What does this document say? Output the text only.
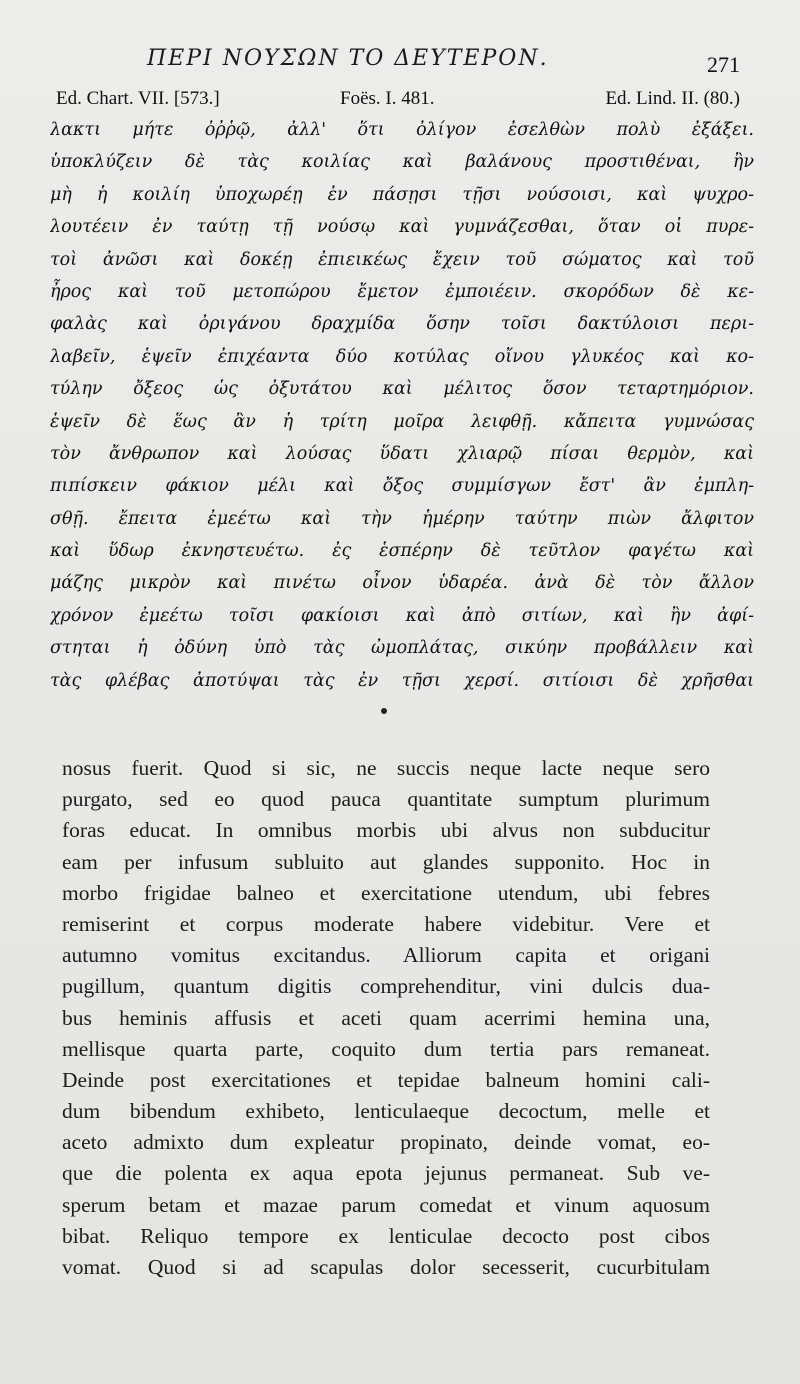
ΠΕΡΙ ΝΟΥΣΩΝ ΤΟ ΔΕΥΤΕΡΟΝ.	271
Ed. Chart. VII. [573.]	Foës. I. 481.	Ed. Lind. II. (80.)
λακτι μήτε ὀῤῥῷ, ἀλλ' ὅτι ὀλίγον ἐσελθὼν πολὺ ἐξάξει.
ὑποκλύζειν δὲ τὰς κοιλίας καὶ βαλάνους προστιθέναι, ἢν
μὴ ἡ κοιλίη ὑποχωρέῃ ἐν πάσῃσι τῇσι νούσοισι, καὶ ψυχρο-
λουτέειν ἐν ταύτῃ τῇ νούσῳ καὶ γυμνάζεσθαι, ὅταν οἱ πυρε-
τοὶ ἀνῶσι καὶ δοκέῃ ἐπιεικέως ἔχειν τοῦ σώματος καὶ τοῦ
ἦρος καὶ τοῦ μετοπώρου ἔμετον ἐμποιέειν. σκορόδων δὲ κε-
φαλὰς καὶ ὀριγάνου δραχμίδα ὅσην τοῖσι δακτύλοισι περι-
λαβεῖν, ἑψεῖν ἐπιχέαντα δύο κοτύλας οἴνου γλυκέος καὶ κο-
τύλην ὄξεος ὡς ὀξυτάτου καὶ μέλιτος ὅσον τεταρτημόριον.
ἑψεῖν δὲ ἕως ἂν ἡ τρίτη μοῖρα λειφθῇ. κἄπειτα γυμνώσας
τὸν ἄνθρωπον καὶ λούσας ὕδατι χλιαρῷ πίσαι θερμὸν, καὶ
πιπίσκειν φάκιον μέλι καὶ ὄξος συμμίσγων ἔστ' ἂν ἐμπλη-
σθῇ. ἔπειτα ἐμεέτω καὶ τὴν ἡμέρην ταύτην πιὼν ἄλφιτον
καὶ ὕδωρ ἐκνηστευέτω. ἐς ἑσπέρην δὲ τεῦτλον φαγέτω καὶ
μάζης μικρὸν καὶ πινέτω οἶνον ὑδαρέα. ἀνὰ δὲ τὸν ἄλλον
χρόνον ἐμεέτω τοῖσι φακίοισι καὶ ἀπὸ σιτίων, καὶ ἢν ἀφί-
στηται ἡ ὀδύνη ὑπὸ τὰς ὠμοπλάτας, σικύην προβάλλειν καὶ
τὰς φλέβας ἀποτύψαι τὰς ἐν τῇσι χερσί. σιτίοισι δὲ χρῆσθαι
nosus fuerit. Quod si sic, ne succis neque lacte neque sero
purgato, sed eo quod pauca quantitate sumptum plurimum
foras educat. In omnibus morbis ubi alvus non subducitur
eam per infusum subluito aut glandes supponito. Hoc in
morbo frigidae balneo et exercitatione utendum, ubi febres
remiserint et corpus moderate habere videbitur. Vere et
autumno vomitus excitandus. Alliorum capita et origani
pugillum, quantum digitis comprehenditur, vini dulcis dua-
bus heminis affusis et aceti quam acerrimi hemina una,
mellisque quarta parte, coquito dum tertia pars remaneat.
Deinde post exercitationes et tepidae balneum homini cali-
dum bibendum exhibeto, lenticulaeque decoctum, melle et
aceto admixto dum expleatur propinato, deinde vomat, eo-
que die polenta ex aqua epota jejunus permaneat. Sub ve-
sperum betam et mazae parum comedat et vinum aquosum
bibat. Reliquo tempore ex lenticulae decocto post cibos
vomat. Quod si ad scapulas dolor secesserit, cucurbitulam
